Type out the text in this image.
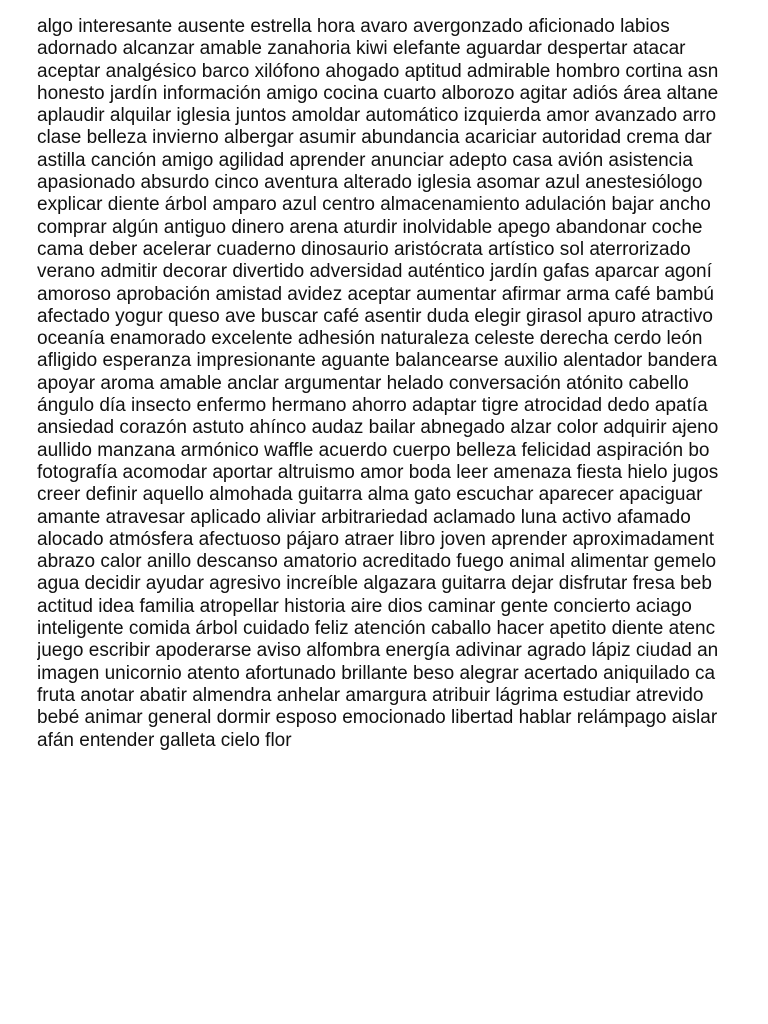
algo interesante ausente estrella hora avaro avergonzado aficionado labios
adornado alcanzar amable zanahoria kiwi elefante aguardar despertar atacar
aceptar analgésico barco xilófono ahogado aptitud admirable hombro cortina asn
honesto jardín información amigo cocina cuarto alborozo agitar adiós área altane
aplaudir alquilar iglesia juntos amoldar automático izquierda amor avanzado arro
clase belleza invierno albergar asumir abundancia acariciar autoridad crema dar
astilla canción amigo agilidad aprender anunciar adepto casa avión asistencia
apasionado absurdo cinco aventura alterado iglesia asomar azul anestesiólogo
explicar diente árbol amparo azul centro almacenamiento adulación bajar ancho
comprar algún antiguo dinero arena aturdir inolvidable apego abandonar coche
cama deber acelerar cuaderno dinosaurio aristócrata artístico sol aterrorizado
verano admitir decorar divertido adversidad auténtico jardín gafas aparcar agoní
amoroso aprobación amistad avidez aceptar aumentar afirmar arma café bambú
afectado yogur queso ave buscar café asentir duda elegir girasol apuro atractivo
oceanía enamorado excelente adhesión naturaleza celeste derecha cerdo león
afligido esperanza impresionante aguante balancearse auxilio alentador bandera
apoyar aroma amable anclar argumentar helado conversación atónito cabello
ángulo día insecto enfermo hermano ahorro adaptar tigre atrocidad dedo apatía
ansiedad corazón astuto ahínco audaz bailar abnegado alzar color adquirir ajeno
aullido manzana armónico waffle acuerdo cuerpo belleza felicidad aspiración bo
fotografía acomodar aportar altruismo amor boda leer amenaza fiesta hielo jugos
creer definir aquello almohada guitarra alma gato escuchar aparecer apaciguar
amante atravesar aplicado aliviar arbitrariedad aclamado luna activo afamado
alocado atmósfera afectuoso pájaro atraer libro joven aprender aproximadament
abrazo calor anillo descanso amatorio acreditado fuego animal alimentar gemelo
agua decidir ayudar agresivo increíble algazara guitarra dejar disfrutar fresa beb
actitud idea familia atropellar historia aire dios caminar gente concierto aciago
inteligente comida árbol cuidado feliz atención caballo hacer apetito diente atenc
juego escribir apoderarse aviso alfombra energía adivinar agrado lápiz ciudad an
imagen unicornio atento afortunado brillante beso alegrar acertado aniquilado ca
fruta anotar abatir almendra anhelar amargura atribuir lágrima estudiar atrevido
bebé animar general dormir esposo emocionado libertad hablar relámpago aislar
afán entender galleta cielo flor
